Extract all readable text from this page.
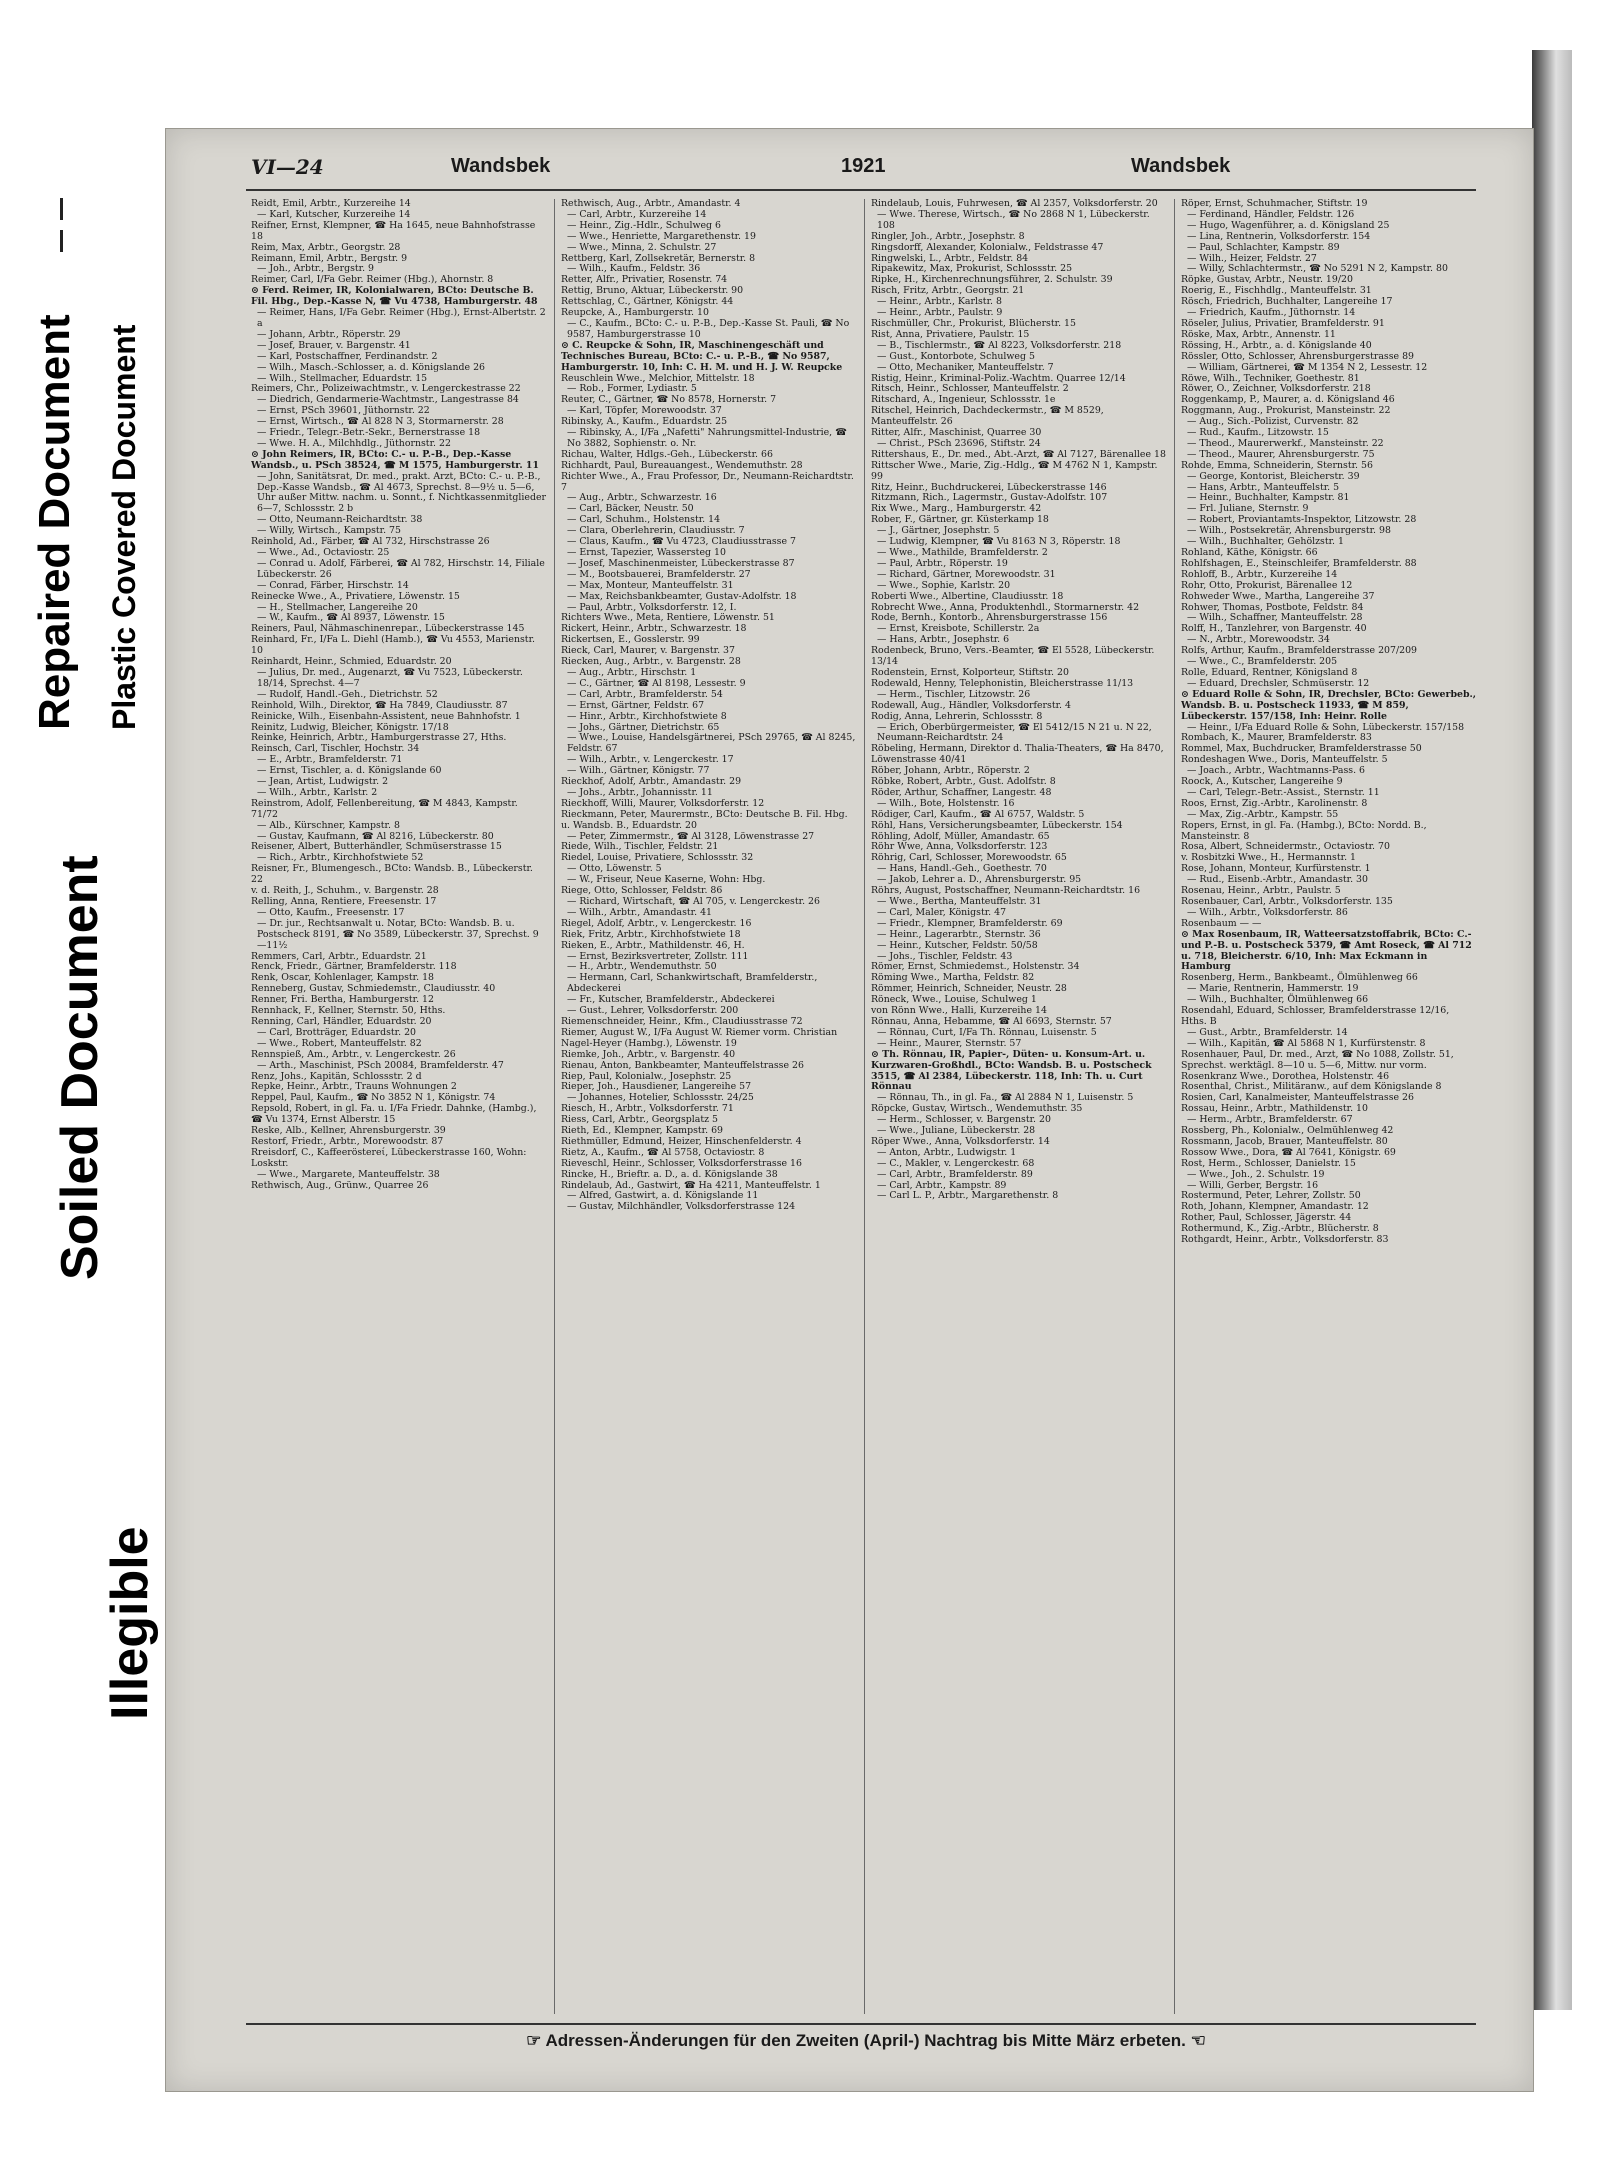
Repaired Document Plastic Covered Document
Soiled Document
Illegible
VI—24	Wandsbek	1921	Wandsbek

Reidt, Emil, Arbtr., Kurzereihe 14

— Karl, Kutscher, Kurzereihe 14

Reifner, Ernst, Klempner, ☎ Ha 1645, neue Bahnhofstrasse 18

Reim, Max, Arbtr., Georgstr. 28

Reimann, Emil, Arbtr., Bergstr. 9

— Joh., Arbtr., Bergstr. 9

Reimer, Carl, I/Fa Gebr. Reimer (Hbg.), Ahornstr. 8

⊙ Ferd. Reimer, IR, Kolonialwaren, BCto: Deutsche B. Fil. Hbg., Dep.-Kasse N, ☎ Vu 4738, Hamburgerstr. 48

— Reimer, Hans, I/Fa Gebr. Reimer (Hbg.), Ernst-Albertstr. 2 a

— Johann, Arbtr., Röperstr. 29

— Josef, Brauer, v. Bargenstr. 41

— Karl, Postschaffner, Ferdinandstr. 2

— Wilh., Masch.-Schlosser, a. d. Königslande 26

— Wilh., Stellmacher, Eduardstr. 15

Reimers, Chr., Polizeiwachtmstr., v. Lengerckestrasse 22

— Diedrich, Gendarmerie-Wachtmstr., Langestrasse 84

— Ernst, PSch 39601, Jüthornstr. 22

— Ernst, Wirtsch., ☎ Al 828 N 3, Stormarnerstr. 28

— Friedr., Telegr.-Betr.-Sekr., Bernerstrasse 18

— Wwe. H. A., Milchhdlg., Jüthornstr. 22

⊙ John Reimers, IR, BCto: C.- u. P.-B., Dep.-Kasse Wandsb., u. PSch 38524, ☎ M 1575, Hamburgerstr. 11

— John, Sanitätsrat, Dr. med., prakt. Arzt, BCto: C.- u. P.-B., Dep.-Kasse Wandsb., ☎ Al 4673, Sprechst. 8—9½ u. 5—6, Uhr außer Mittw. nachm. u. Sonnt., f. Nichtkassenmitglieder 6—7, Schlossstr. 2 b

— Otto, Neumann-Reichardtstr. 38

— Willy, Wirtsch., Kampstr. 75

Reinhold, Ad., Färber, ☎ Al 732, Hirschstrasse 26

— Wwe., Ad., Octaviostr. 25

— Conrad u. Adolf, Färberei, ☎ Al 782, Hirschstr. 14, Filiale Lübeckerstr. 26

— Conrad, Färber, Hirschstr. 14

Reinecke Wwe., A., Privatiere, Löwenstr. 15

— H., Stellmacher, Langereihe 20

— W., Kaufm., ☎ Al 8937, Löwenstr. 15

Reiners, Paul, Nähmaschinenrepar., Lübeckerstrasse 145

Reinhard, Fr., I/Fa L. Diehl (Hamb.), ☎ Vu 4553, Marienstr. 10

Reinhardt, Heinr., Schmied, Eduardstr. 20

— Julius, Dr. med., Augenarzt, ☎ Vu 7523, Lübeckerstr. 18/14, Sprechst. 4—7

— Rudolf, Handl.-Geh., Dietrichstr. 52

Reinhold, Wilh., Direktor, ☎ Ha 7849, Claudiusstr. 87

Reinicke, Wilh., Eisenbahn-Assistent, neue Bahnhofstr. 1

Reinitz, Ludwig, Bleicher, Königstr. 17/18

Reinke, Heinrich, Arbtr., Hamburgerstrasse 27, Hths.

Reinsch, Carl, Tischler, Hochstr. 34

— E., Arbtr., Bramfelderstr. 71

— Ernst, Tischler, a. d. Königslande 60

— Jean, Artist, Ludwigstr. 2

— Wilh., Arbtr., Karlstr. 2

Reinstrom, Adolf, Fellenbereitung, ☎ M 4843, Kampstr. 71/72

— Alb., Kürschner, Kampstr. 8

— Gustav, Kaufmann, ☎ Al 8216, Lübeckerstr. 80

Reisener, Albert, Butterhändler, Schmüserstrasse 15

— Rich., Arbtr., Kirchhofstwiete 52

Reisner, Fr., Blumengesch., BCto: Wandsb. B., Lübeckerstr. 22

v. d. Reith, J., Schuhm., v. Bargenstr. 28

Relling, Anna, Rentiere, Freesenstr. 17

— Otto, Kaufm., Freesenstr. 17

— Dr. jur., Rechtsanwalt u. Notar, BCto: Wandsb. B. u. Postscheck 8191, ☎ No 3589, Lübeckerstr. 37, Sprechst. 9—11½

Remmers, Carl, Arbtr., Eduardstr. 21

Renck, Friedr., Gärtner, Bramfelderstr. 118

Renk, Oscar, Kohlenlager, Kampstr. 18

Renneberg, Gustav, Schmiedemstr., Claudiusstr. 40

Renner, Fri. Bertha, Hamburgerstr. 12

Rennhack, F., Kellner, Sternstr. 50, Hths.

Renning, Carl, Händler, Eduardstr. 20

— Carl, Brotträger, Eduardstr. 20

— Wwe., Robert, Manteuffelstr. 82

Rennspieß, Am., Arbtr., v. Lengerckestr. 26

— Arth., Maschinist, PSch 20084, Bramfelderstr. 47

Renz, Johs., Kapitän, Schlossstr. 2 d

Repke, Heinr., Arbtr., Trauns Wohnungen 2

Reppel, Paul, Kaufm., ☎ No 3852 N 1, Königstr. 74

Repsold, Robert, in gl. Fa. u. I/Fa Friedr. Dahnke, (Hambg.), ☎ Vu 1374, Ernst Alberstr. 15

Reske, Alb., Kellner, Ahrensburgerstr. 39

Restorf, Friedr., Arbtr., Morewoodstr. 87

Rreisdorf, C., Kaffeeröstereί, Lübeckerstrasse 160, Wohn: Loskstr.

— Wwe., Margarete, Manteuffelstr. 38

Rethwisch, Aug., Grünw., Quarree 26

Rethwisch, Aug., Arbtr., Amandastr. 4

— Carl, Arbtr., Kurzereihe 14

— Heinr., Zig.-Hdlr., Schulweg 6

— Wwe., Henriette, Margarethenstr. 19

— Wwe., Minna, 2. Schulstr. 27

Rettberg, Karl, Zollsekretär, Bernerstr. 8

— Wilh., Kaufm., Feldstr. 36

Retter, Alfr., Privatier, Rosenstr. 74

Rettig, Bruno, Aktuar, Lübeckerstr. 90

Rettschlag, C., Gärtner, Königstr. 44

Reupcke, A., Hamburgerstr. 10

— C., Kaufm., BCto: C.- u. P.-B., Dep.-Kasse St. Pauli, ☎ No 9587, Hamburgerstrasse 10

⊙ C. Reupcke & Sohn, IR, Maschinengeschäft und Technisches Bureau, BCto: C.- u. P.-B., ☎ No 9587, Hamburgerstr. 10, Inh: C. H. M. und H. J. W. Reupcke

Reuschlein Wwe., Melchior, Mittelstr. 18

— Rob., Former, Lydiastr. 5

Reuter, C., Gärtner, ☎ No 8578, Hornerstr. 7

— Karl, Töpfer, Morewoodstr. 37

Ribinsky, A., Kaufm., Eduardstr. 25

— Ribinsky, A., I/Fa „Nafetti" Nahrungsmittel-Industrie, ☎ No 3882, Sophienstr. o. Nr.

Richau, Walter, Hdlgs.-Geh., Lübeckerstr. 66

Richhardt, Paul, Bureauangest., Wendemuthstr. 28

Richter Wwe., A., Frau Professor, Dr., Neumann-Reichardtstr. 7

— Aug., Arbtr., Schwarzestr. 16

— Carl, Bäcker, Neustr. 50

— Carl, Schuhm., Holstenstr. 14

— Clara, Oberlehrerin, Claudiusstr. 7

— Claus, Kaufm., ☎ Vu 4723, Claudiusstrasse 7

— Ernst, Tapezier, Wassersteg 10

— Josef, Maschinenmeister, Lübeckerstrasse 87

— M., Bootsbauerei, Bramfelderstr. 27

— Max, Monteur, Manteuffelstr. 31

— Max, Reichsbankbeamter, Gustav-Adolfstr. 18

— Paul, Arbtr., Volksdorferstr. 12, I.

Richters Wwe., Meta, Rentiere, Löwenstr. 51

Rickert, Heinr., Arbtr., Schwarzestr. 18

Rickertsen, E., Gosslerstr. 99

Rieck, Carl, Maurer, v. Bargenstr. 37

Riecken, Aug., Arbtr., v. Bargenstr. 28

— Aug., Arbtr., Hirschstr. 1

— C., Gärtner, ☎ Al 8198, Lessestr. 9

— Carl, Arbtr., Bramfelderstr. 54

— Ernst, Gärtner, Feldstr. 67

— Hinr., Arbtr., Kirchhofstwiete 8

— Johs., Gärtner, Dietrichstr. 65

— Wwe., Louise, Handelsgärtnerei, PSch 29765, ☎ Al 8245, Feldstr. 67

— Wilh., Arbtr., v. Lengerckestr. 17

— Wilh., Gärtner, Königstr. 77

Rieckhof, Adolf, Arbtr., Amandastr. 29

— Johs., Arbtr., Johannisstr. 11

Rieckhoff, Willi, Maurer, Volksdorferstr. 12

Rieckmann, Peter, Maurermstr., BCto: Deutsche B. Fil. Hbg. u. Wandsb. B., Eduardstr. 20

— Peter, Zimmermstr., ☎ Al 3128, Löwenstrasse 27

Riede, Wilh., Tischler, Feldstr. 21

Riedel, Louise, Privatiere, Schlossstr. 32

— Otto, Löwenstr. 5

— W., Friseur, Neue Kaserne, Wohn: Hbg.

Riege, Otto, Schlosser, Feldstr. 86

— Richard, Wirtschaft, ☎ Al 705, v. Lengerckestr. 26

— Wilh., Arbtr., Amandastr. 41

Riegel, Adolf, Arbtr., v. Lengerckestr. 16

Riek, Fritz, Arbtr., Kirchhofstwiete 18

Rieken, E., Arbtr., Mathildenstr. 46, H.

— Ernst, Bezirksvertreter, Zollstr. 111

— H., Arbtr., Wendemuthstr. 50

— Hermann, Carl, Schankwirtschaft, Bramfelderstr., Abdeckerei

— Fr., Kutscher, Bramfelderstr., Abdeckerei

— Gust., Lehrer, Volksdorferstr. 200

Riemenschneider, Heinr., Kfm., Claudiusstrasse 72

Riemer, August W., I/Fa August W. Riemer vorm. Christian Nagel-Heyer (Hambg.), Löwenstr. 19

Riemke, Joh., Arbtr., v. Bargenstr. 40

Rienau, Anton, Bankbeamter, Manteuffelstrasse 26

Riep, Paul, Kolonialw., Josephstr. 25

Rieper, Joh., Hausdiener, Langereihe 57

— Johannes, Hotelier, Schlossstr. 24/25

Riesch, H., Arbtr., Volksdorferstr. 71

Riess, Carl, Arbtr., Georgsplatz 5

Rieth, Ed., Klempner, Kampstr. 69

Riethmüller, Edmund, Heizer, Hinschenfelderstr. 4

Rietz, A., Kaufm., ☎ Al 5758, Octaviostr. 8

Rieveschl, Heinr., Schlosser, Volksdorferstrasse 16

Rincke, H., Brieftr. a. D., a. d. Königslande 38

Rindelaub, Ad., Gastwirt, ☎ Ha 4211, Manteuffelstr. 1

— Alfred, Gastwirt, a. d. Königslande 11

— Gustav, Milchhändler, Volksdorferstrasse 124

Rindelaub, Louis, Fuhrwesen, ☎ Al 2357, Volksdorferstr. 20

— Wwe. Therese, Wirtsch., ☎ No 2868 N 1, Lübeckerstr. 108

Ringler, Joh., Arbtr., Josephstr. 8

Ringsdorff, Alexander, Kolonialw., Feldstrasse 47

Ringwelski, L., Arbtr., Feldstr. 84

Ripakewitz, Max, Prokurist, Schlossstr. 25

Ripke, H., Kirchenrechnungsführer, 2. Schulstr. 39

Risch, Fritz, Arbtr., Georgstr. 21

— Heinr., Arbtr., Karlstr. 8

— Heinr., Arbtr., Paulstr. 9

Rischmüller, Chr., Prokurist, Blücherstr. 15

Rist, Anna, Privatiere, Paulstr. 15

— B., Tischlermstr., ☎ Al 8223, Volksdorferstr. 218

— Gust., Kontorbote, Schulweg 5

— Otto, Mechaniker, Manteuffelstr. 7

Ristig, Heinr., Kriminal-Poliz.-Wachtm. Quarree 12/14

Ritsch, Heinr., Schlosser, Manteuffelstr. 2

Ritschard, A., Ingenieur, Schlossstr. 1e

Ritschel, Heinrich, Dachdeckermstr., ☎ M 8529, Manteuffelstr. 26

Ritter, Alfr., Maschinist, Quarree 30

— Christ., PSch 23696, Stiftstr. 24

Rittershaus, E., Dr. med., Abt.-Arzt, ☎ Al 7127, Bärenallee 18

Rittscher Wwe., Marie, Zig.-Hdlg., ☎ M 4762 N 1, Kampstr. 99

Ritz, Heinr., Buchdruckerei, Lübeckerstrasse 146

Ritzmann, Rich., Lagermstr., Gustav-Adolfstr. 107

Rix Wwe., Marg., Hamburgerstr. 42

Rober, F., Gärtner, gr. Küsterkamp 18

— J., Gärtner, Josephstr. 5

— Ludwig, Klempner, ☎ Vu 8163 N 3, Röperstr. 18

— Wwe., Mathilde, Bramfelderstr. 2

— Paul, Arbtr., Röperstr. 19

— Richard, Gärtner, Morewoodstr. 31

— Wwe., Sophie, Karlstr. 20

Roberti Wwe., Albertine, Claudiusstr. 18

Robrecht Wwe., Anna, Produktenhdl., Stormarnerstr. 42

Rode, Bernh., Kontorb., Ahrensburgerstrasse 156

— Ernst, Kreisbote, Schillerstr. 2a

— Hans, Arbtr., Josephstr. 6

Rodenbeck, Bruno, Vers.-Beamter, ☎ El 5528, Lübeckerstr. 13/14

Rodenstein, Ernst, Kolporteur, Stiftstr. 20

Rodewald, Henny, Telephonistin, Bleicherstrasse 11/13

— Herm., Tischler, Litzowstr. 26

Rodewall, Aug., Händler, Volksdorferstr. 4

Rodig, Anna, Lehrerin, Schlossstr. 8

— Erich, Oberbürgermeister, ☎ El 5412/15 N 21 u. N 22, Neumann-Reichardtstr. 24

Röbeling, Hermann, Direktor d. Thalia-Theaters, ☎ Ha 8470, Löwenstrasse 40/41

Röber, Johann, Arbtr., Röperstr. 2

Röbke, Robert, Arbtr., Gust. Adolfstr. 8

Röder, Arthur, Schaffner, Langestr. 48

— Wilh., Bote, Holstenstr. 16

Rödiger, Carl, Kaufm., ☎ Al 6757, Waldstr. 5

Röhl, Hans, Versicherungsbeamter, Lübeckerstr. 154

Röhling, Adolf, Müller, Amandastr. 65

Röhr Wwe, Anna, Volksdorferstr. 123

Röhrig, Carl, Schlosser, Morewoodstr. 65

— Hans, Handl.-Geh., Goethestr. 70

— Jakob, Lehrer a. D., Ahrensburgerstr. 95

Röhrs, August, Postschaffner, Neumann-Reichardtstr. 16

— Wwe., Bertha, Manteuffelstr. 31

— Carl, Maler, Königstr. 47

— Friedr., Klempner, Bramfelderstr. 69

— Heinr., Lagerarbtr., Sternstr. 36

— Heinr., Kutscher, Feldstr. 50/58

— Johs., Tischler, Feldstr. 43

Römer, Ernst, Schmiedemst., Holstenstr. 34

Röming Wwe., Martha, Feldstr. 82

Römmer, Heinrich, Schneider, Neustr. 28

Röneck, Wwe., Louise, Schulweg 1

von Rönn Wwe., Halli, Kurzereihe 14

Rönnau, Anna, Hebamme, ☎ Al 6693, Sternstr. 57

— Rönnau, Curt, I/Fa Th. Rönnau, Luisenstr. 5

— Heinr., Maurer, Sternstr. 57

⊙ Th. Rönnau, IR, Papier-, Düten- u. Konsum-Art. u. Kurzwaren-Großhdl., BCto: Wandsb. B. u. Postscheck 3515, ☎ Al 2384, Lübeckerstr. 118, Inh: Th. u. Curt Rönnau

— Rönnau, Th., in gl. Fa., ☎ Al 2884 N 1, Luisenstr. 5

Röpcke, Gustav, Wirtsch., Wendemuthstr. 35

— Herm., Schlosser, v. Bargenstr. 20

— Wwe., Juliane, Lübeckerstr. 28

Röper Wwe., Anna, Volksdorferstr. 14

— Anton, Arbtr., Ludwigstr. 1

— C., Makler, v. Lengerckestr. 68

— Carl, Arbtr., Bramfelderstr. 89

— Carl, Arbtr., Kampstr. 89

— Carl L. P., Arbtr., Margarethenstr. 8

Röper, Ernst, Schuhmacher, Stiftstr. 19

— Ferdinand, Händler, Feldstr. 126

— Hugo, Wagenführer, a. d. Königsland 25

— Lina, Rentnerin, Volksdorferstr. 154

— Paul, Schlachter, Kampstr. 89

— Wilh., Heizer, Feldstr. 27

— Willy, Schlachtermstr., ☎ No 5291 N 2, Kampstr. 80

Röpke, Gustav, Arbtr., Neustr. 19/20

Roerig, E., Fischhdlg., Manteuffelstr. 31

Rösch, Friedrich, Buchhalter, Langereihe 17

— Friedrich, Kaufm., Jüthornstr. 14

Röseler, Julius, Privatier, Bramfelderstr. 91

Röske, Max, Arbtr., Annenstr. 11

Rössing, H., Arbtr., a. d. Königslande 40

Rössler, Otto, Schlosser, Ahrensburgerstrasse 89

— William, Gärtnerei, ☎ M 1354 N 2, Lessestr. 12

Röwe, Wilh., Techniker, Goethestr. 81

Röwer, O., Zeichner, Volksdorferstr. 218

Roggenkamp, P., Maurer, a. d. Königsland 46

Roggmann, Aug., Prokurist, Mansteinstr. 22

— Aug., Sich.-Polizist, Curvenstr. 82

— Rud., Kaufm., Litzowstr. 15

— Theod., Maurerwerkf., Mansteinstr. 22

— Theod., Maurer, Ahrensburgerstr. 75

Rohde, Emma, Schneiderin, Sternstr. 56

— George, Kontorist, Bleicherstr. 39

— Hans, Arbtr., Manteuffelstr. 5

— Heinr., Buchhalter, Kampstr. 81

— Frl. Juliane, Sternstr. 9

— Robert, Proviantamts-Inspektor, Litzowstr. 28

— Wilh., Postsekretär, Ahrensburgerstr. 98

— Wilh., Buchhalter, Gehölzstr. 1

Rohland, Käthe, Königstr. 66

Rohlfshagen, E., Steinschleifer, Bramfelderstr. 88

Rohloff, B., Arbtr., Kurzereihe 14

Rohr, Otto, Prokurist, Bärenallee 12

Rohweder Wwe., Martha, Langereihe 37

Rohwer, Thomas, Postbote, Feldstr. 84

— Wilh., Schaffner, Manteuffelstr. 28

Rolff, H., Tanzlehrer, von Bargenstr. 40

— N., Arbtr., Morewoodstr. 34

Rolfs, Arthur, Kaufm., Bramfelderstrasse 207/209

— Wwe., C., Bramfelderstr. 205

Rolle, Eduard, Rentner, Königsland 8

— Eduard, Drechsler, Schmüserstr. 12

⊙ Eduard Rolle & Sohn, IR, Drechsler, BCto: Gewerbeb., Wandsb. B. u. Postscheck 11933, ☎ M 859, Lübeckerstr. 157/158, Inh: Heinr. Rolle

— Heinr., I/Fa Eduard Rolle & Sohn, Lübeckerstr. 157/158

Rombach, K., Maurer, Bramfelderstr. 83

Rommel, Max, Buchdrucker, Bramfelderstrasse 50

Rondeshagen Wwe., Doris, Manteuffelstr. 5

— Joach., Arbtr., Wachtmanns-Pass. 6

Roock, A., Kutscher, Langereihe 9

— Carl, Telegr.-Betr.-Assist., Sternstr. 11

Roos, Ernst, Zig.-Arbtr., Karolinenstr. 8

— Max, Zig.-Arbtr., Kampstr. 55

Ropers, Ernst, in gl. Fa. (Hambg.), BCto: Nordd. B., Mansteinstr. 8

Rosa, Albert, Schneidermstr., Octaviostr. 70

v. Rosbitzki Wwe., H., Hermannstr. 1

Rose, Johann, Monteur, Kurfürstenstr. 1

— Rud., Eisenb.-Arbtr., Amandastr. 30

Rosenau, Heinr., Arbtr., Paulstr. 5

Rosenbauer, Carl, Arbtr., Volksdorferstr. 135

— Wilh., Arbtr., Volksdorferstr. 86

Rosenbaum — —

⊙ Max Rosenbaum, IR, Watteersatzstoffabrik, BCto: C.- und P.-B. u. Postscheck 5379, ☎ Amt Roseck, ☎ Al 712 u. 718, Bleicherstr. 6/10, Inh: Max Eckmann in Hamburg

Rosenberg, Herm., Bankbeamt., Ölmühlenweg 66

— Marie, Rentnerin, Hammerstr. 19

— Wilh., Buchhalter, Ölmühlenweg 66

Rosendahl, Eduard, Schlosser, Bramfelderstrasse 12/16, Hths. B

— Gust., Arbtr., Bramfelderstr. 14

— Wilh., Kapitän, ☎ Al 5868 N 1, Kurfürstenstr. 8

Rosenhauer, Paul, Dr. med., Arzt, ☎ No 1088, Zollstr. 51, Sprechst. werktägl. 8—10 u. 5—6, Mittw. nur vorm.

Rosenkranz Wwe., Dorothea, Holstenstr. 46

Rosenthal, Christ., Militäranw., auf dem Königslande 8

Rosien, Carl, Kanalmeister, Manteuffelstrasse 26

Rossau, Heinr., Arbtr., Mathildenstr. 10

— Herm., Arbtr., Bramfelderstr. 67

Rossberg, Ph., Kolonialw., Oelmühlenweg 42

Rossmann, Jacob, Brauer, Manteuffelstr. 80

Rossow Wwe., Dora, ☎ Al 7641, Königstr. 69

Rost, Herm., Schlosser, Danielstr. 15

— Wwe., Joh., 2. Schulstr. 19

— Willi, Gerber, Bergstr. 16

Rostermund, Peter, Lehrer, Zollstr. 50

Roth, Johann, Klempner, Amandastr. 12

Rother, Paul, Schlosser, Jägerstr. 44

Rothermund, K., Zig.-Arbtr., Blücherstr. 8

Rothgardt, Heinr., Arbtr., Volksdorferstr. 83

☞ Adressen-Änderungen für den Zweiten (April-) Nachtrag bis Mitte März erbeten. ☜
